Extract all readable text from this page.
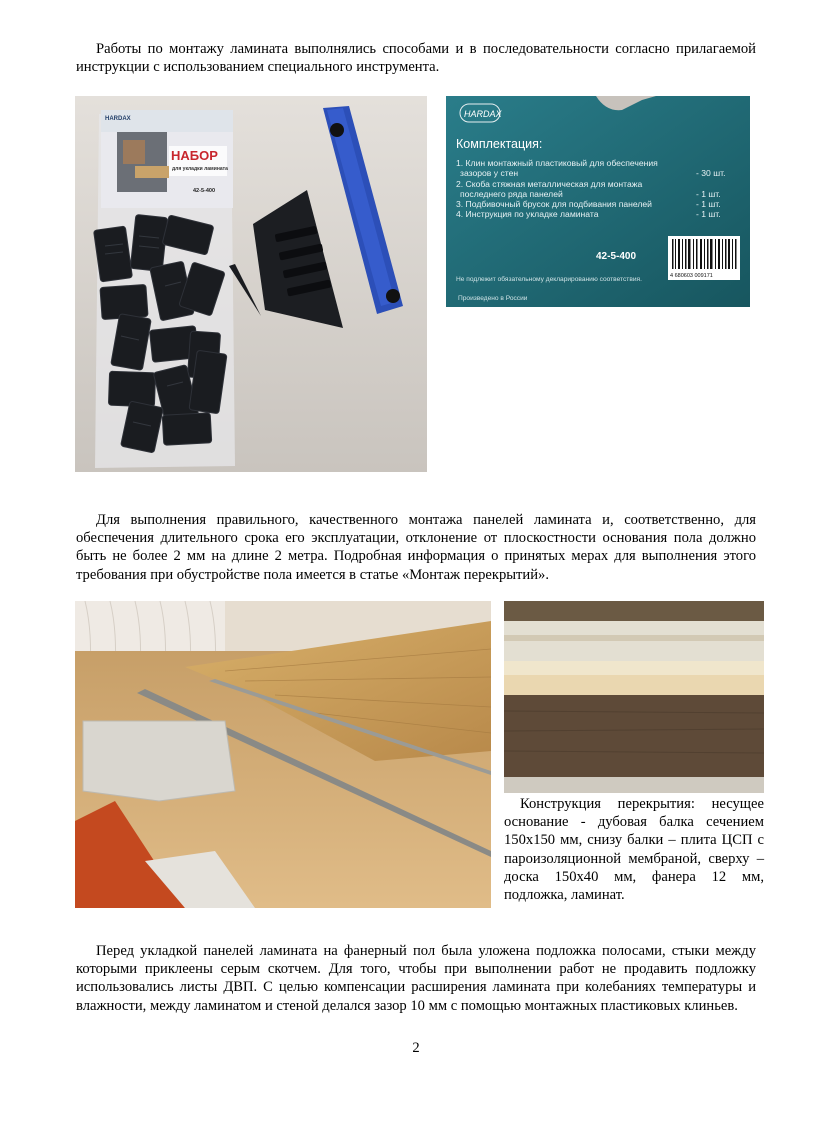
Работы по монтажу ламината выполнялись способами и в последовательности согласно прилагаемой инструкции с использованием специального инструмента.

НАБОР
для укладки ламината
42-5-400
HARDAX	HARDAX
Комплектация:
1. Клин монтажный пластиковый для обеспечения
зазоров у стен	- 30 шт.
2. Скоба стяжная металлическая для монтажа
последнего ряда панелей	- 1 шт.
3. Подбивочный брусок для подбивания панелей	- 1 шт.
4. Инструкция по укладке ламината	- 1 шт.
42-5-400
Не подлежит обязательному декларированию соответствия.
Произведено в России
4 680603 009171

Для выполнения правильного, качественного монтажа панелей ламината и, соответственно, для обеспечения длительного срока его эксплуатации, отклонение от плоскостности основания пола должно быть не более 2 мм на длине 2 метра. Подробная информация о принятых мерах для выполнения этого требования при обустройстве пола имеется в статье «Монтаж перекрытий».

Конструкция перекрытия: несущее основание - дубовая балка сечением 150х150 мм, снизу балки – плита ЦСП с пароизоляционной мембраной, сверху – доска 150х40 мм, фанера 12 мм, подложка, ламинат.

Перед укладкой панелей ламината на фанерный пол была уложена подложка полосами, стыки между которыми приклеены серым скотчем. Для того, чтобы при выполнении работ не продавить подложку использовались листы ДВП. С целью компенсации расширения ламината при колебаниях температуры и влажности, между ламинатом и стеной делался зазор 10 мм с помощью монтажных пластиковых клиньев.

2
